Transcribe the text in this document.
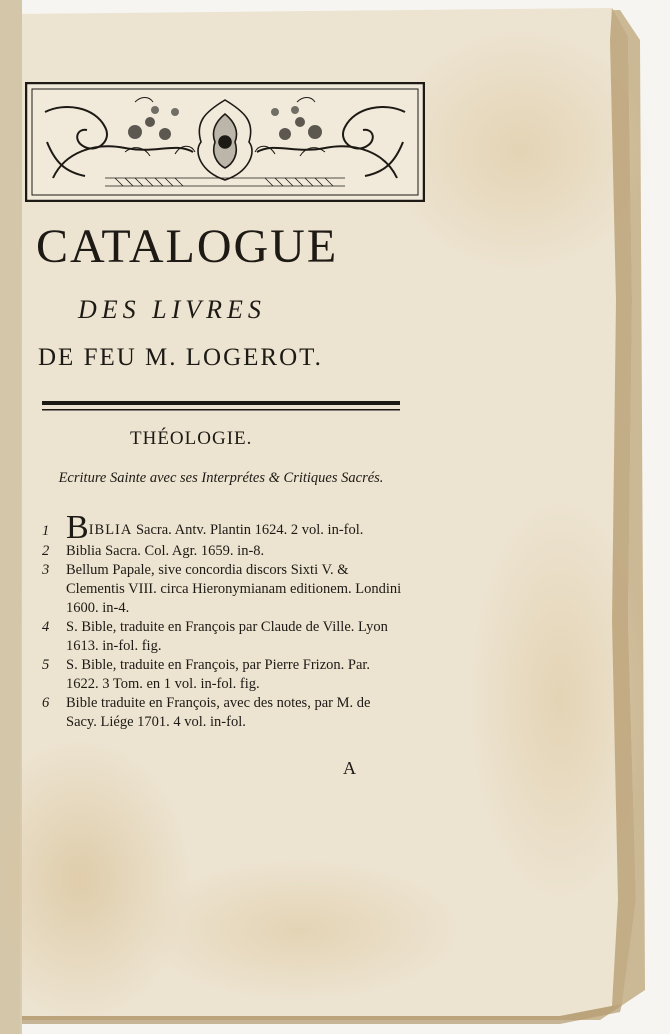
CATALOGUE
DES LIVRES
DE FEU M. LOGEROT.
THÉOLOGIE.
Ecriture Sainte avec ses Interprétes & Critiques Sacrés.
1 BIBLIA Sacra. Antv. Plantin 1624. 2 vol. in-fol.
2 Biblia Sacra. Col. Agr. 1659. in-8.
3 Bellum Papale, sive concordia discors Sixti V. & Clementis VIII. circa Hieronymianam editionem. Londini 1600. in-4.
4 S. Bible, traduite en François par Claude de Ville. Lyon 1613. in-fol. fig.
5 S. Bible, traduite en François, par Pierre Frizon. Par. 1622. 3 Tom. en 1 vol. in-fol. fig.
6 Bible traduite en François, avec des notes, par M. de Sacy. Liége 1701. 4 vol. in-fol.
A
